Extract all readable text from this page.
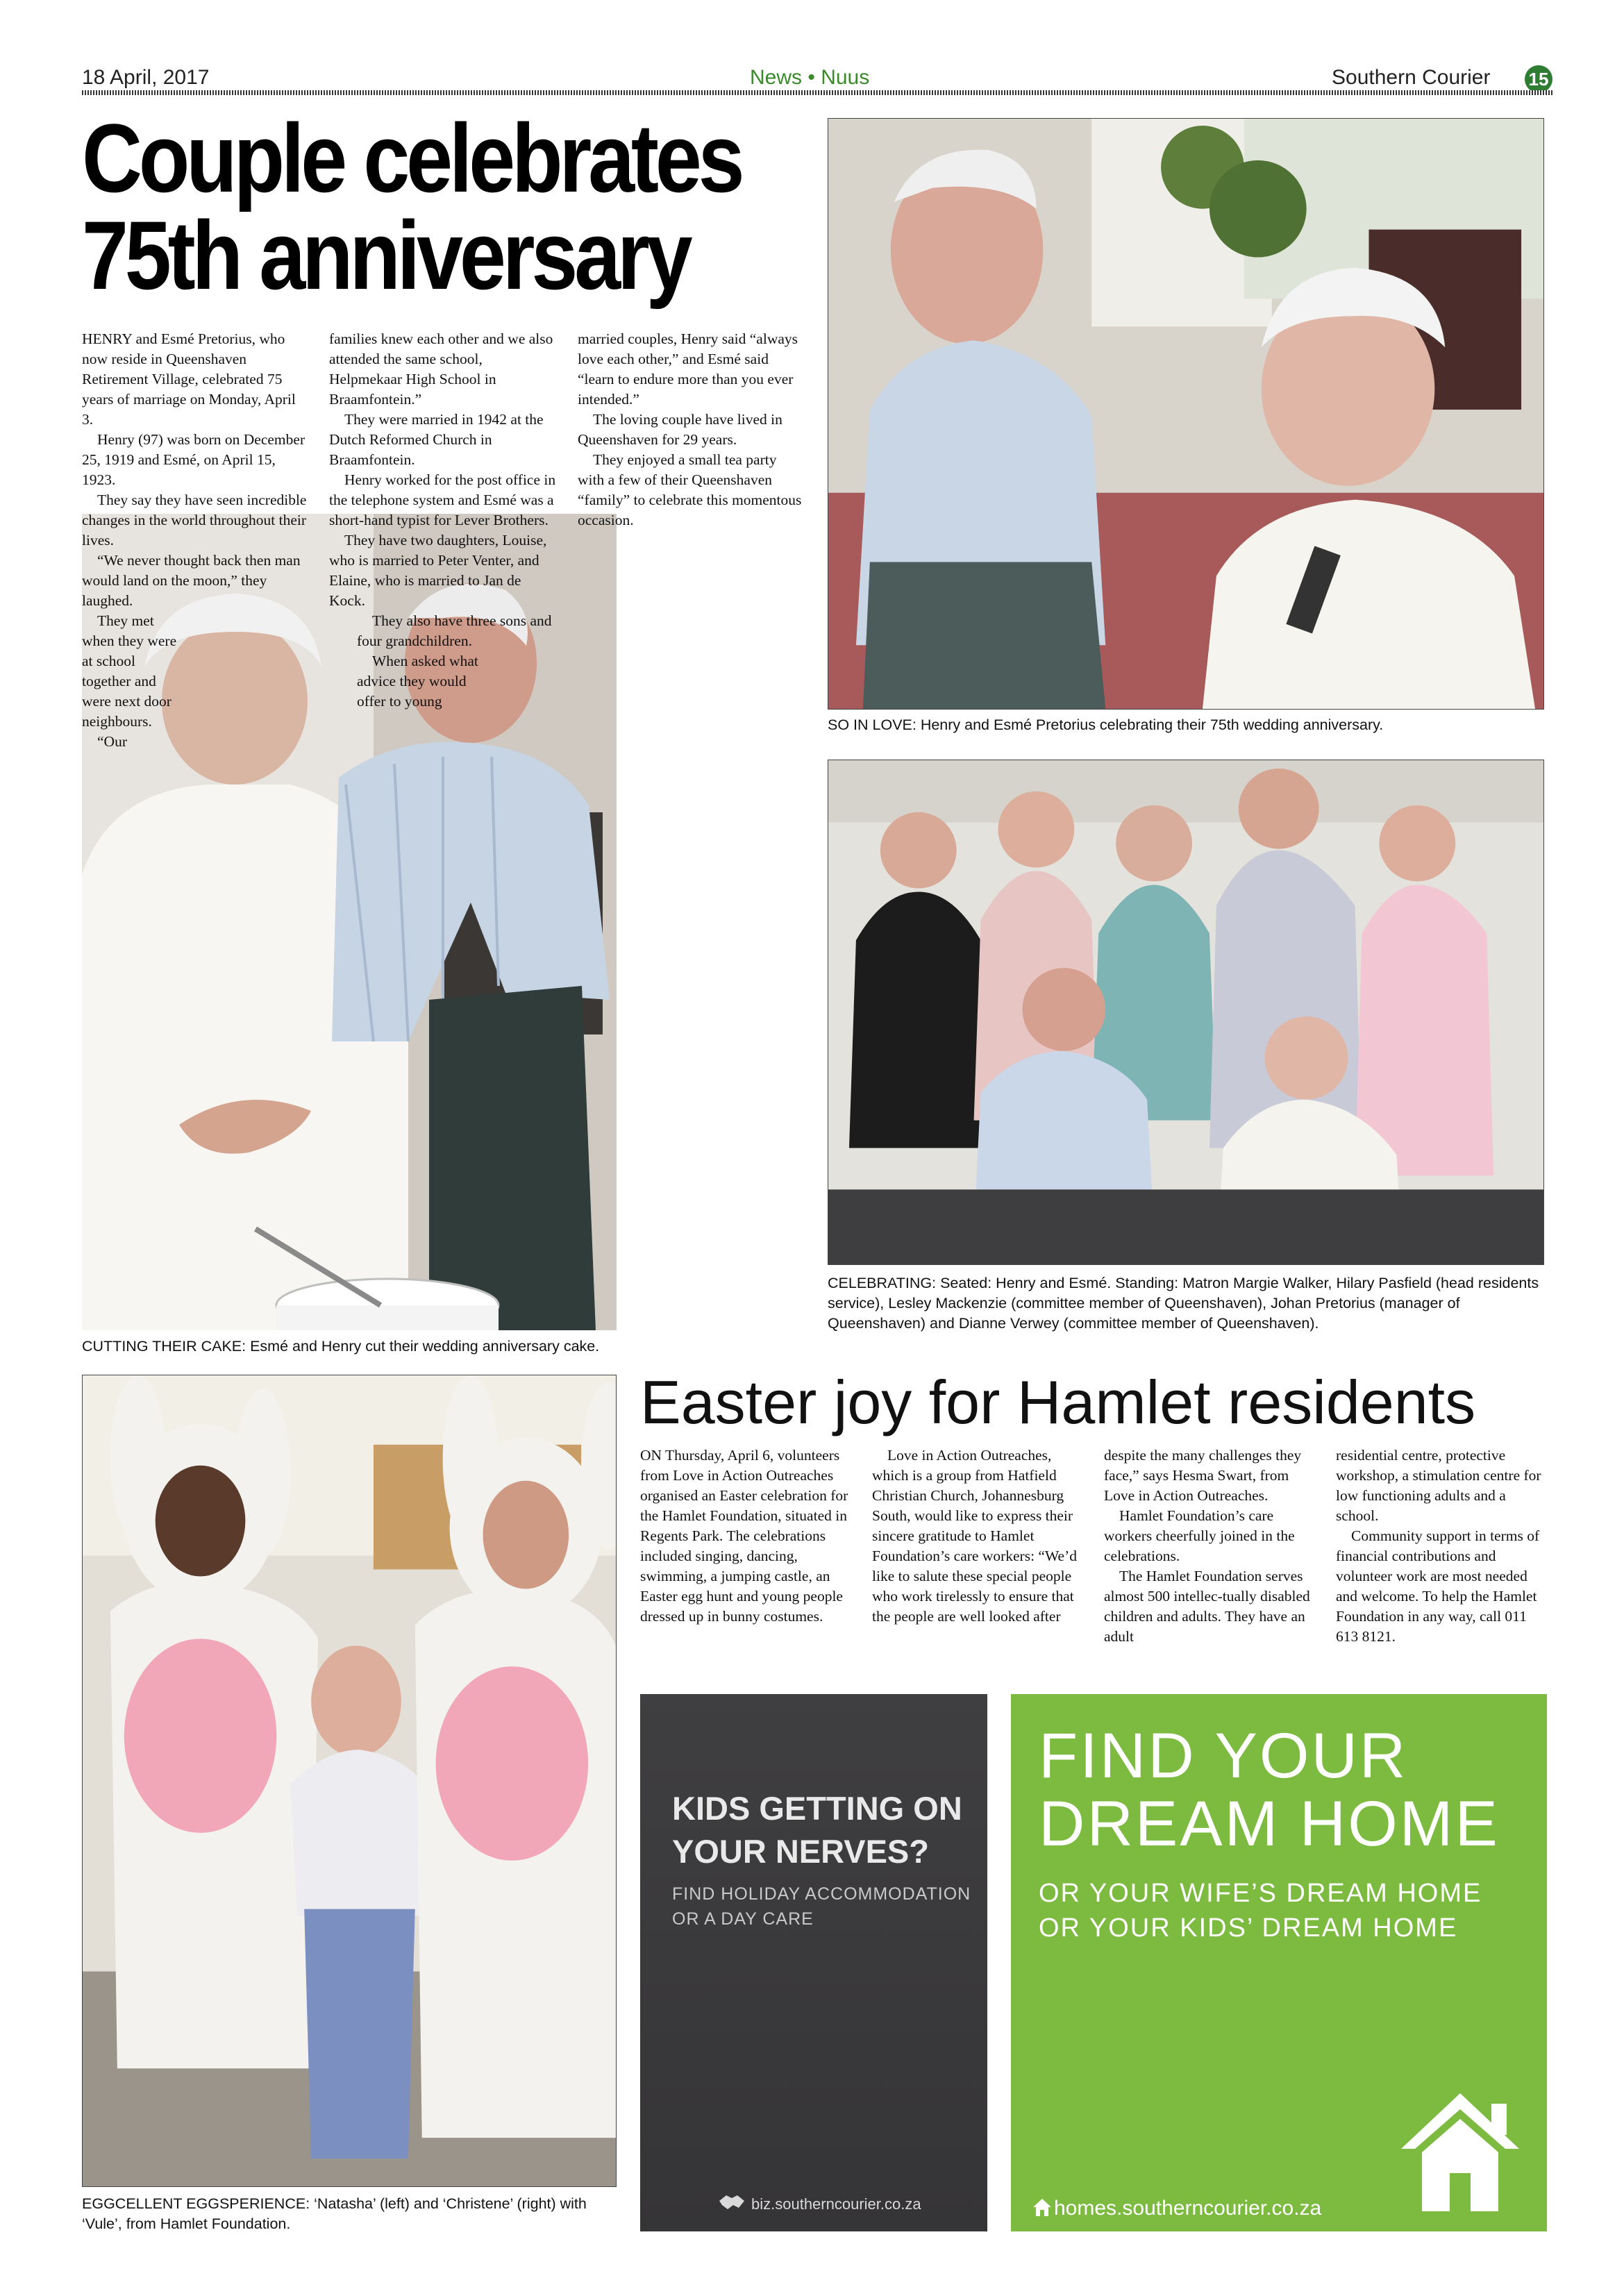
18 April, 2017	News • Nuus	Southern Courier 15
Couple celebrates
75th anniversary

HENRY and Esmé Pretorius, who now reside in Queenshaven Retirement Village, celebrated 75 years of marriage on Monday, April 3.

Henry (97) was born on December 25, 1919 and Esmé, on April 15, 1923.

They say they have seen incredible changes in the world throughout their lives.

“We never thought back then man would land on the moon,” they laughed.

They met when they were at school together and were next door neighbours.

“Our

families knew each other and we also attended the same school, Helpmekaar High School in Braamfontein.”

They were married in 1942 at the Dutch Reformed Church in Braamfontein.

Henry worked for the post office in the telephone system and Esmé was a short-hand typist for Lever Brothers.

They have two daughters, Louise, who is married to Peter Venter, and Elaine, who is married to Jan de Kock.

They also have three sons and four grandchildren.

When asked what advice they would offer to young

married couples, Henry said “always love each other,” and Esmé said “learn to endure more than you ever intended.”

The loving couple have lived in Queenshaven for 29 years.

They enjoyed a small tea party with a few of their Queenshaven “family” to celebrate this momentous occasion.

CUTTING THEIR CAKE: Esmé and Henry cut their wedding anniversary cake.
SO IN LOVE: Henry and Esmé Pretorius celebrating their 75th wedding anniversary.
CELEBRATING: Seated: Henry and Esmé. Standing: Matron Margie Walker, Hilary Pasfield (head residents service), Lesley Mackenzie (committee member of Queenshaven), Johan Pretorius (manager of Queenshaven) and Dianne Verwey (committee member of Queenshaven).
EGGCELLENT EGGSPERIENCE: ‘Natasha’ (left) and ‘Christene’ (right) with ‘Vule’, from Hamlet Foundation.
Easter joy for Hamlet residents

ON Thursday, April 6, volunteers from Love in Action Outreaches organised an Easter celebration for the Hamlet Foundation, situated in Regents Park. The celebrations included singing, dancing, swimming, a jumping castle, an Easter egg hunt and young people dressed up in bunny costumes.

Love in Action Outreaches, which is a group from Hatfield Christian Church, Johannesburg South, would like to express their sincere gratitude to Hamlet Foundation’s care workers: “We’d like to salute these special people who work tirelessly to ensure that the people are well looked after

despite the many challenges they face,” says Hesma Swart, from Love in Action Outreaches.

Hamlet Foundation’s care workers cheerfully joined in the celebrations.

The Hamlet Foundation serves almost 500 intellec-tually disabled children and adults. They have an adult

residential centre, protective workshop, a stimulation centre for low functioning adults and a school.

Community support in terms of financial contributions and volunteer work are most needed and welcome. To help the Hamlet Foundation in any way, call 011 613 8121.

KIDS GETTING ON YOUR NERVES?
FIND HOLIDAY ACCOMMODATION OR A DAY CARE
biz.southerncourier.co.za
FIND YOUR DREAM HOME
OR YOUR WIFE’S DREAM HOME OR YOUR KIDS’ DREAM HOME
homes.southerncourier.co.za
